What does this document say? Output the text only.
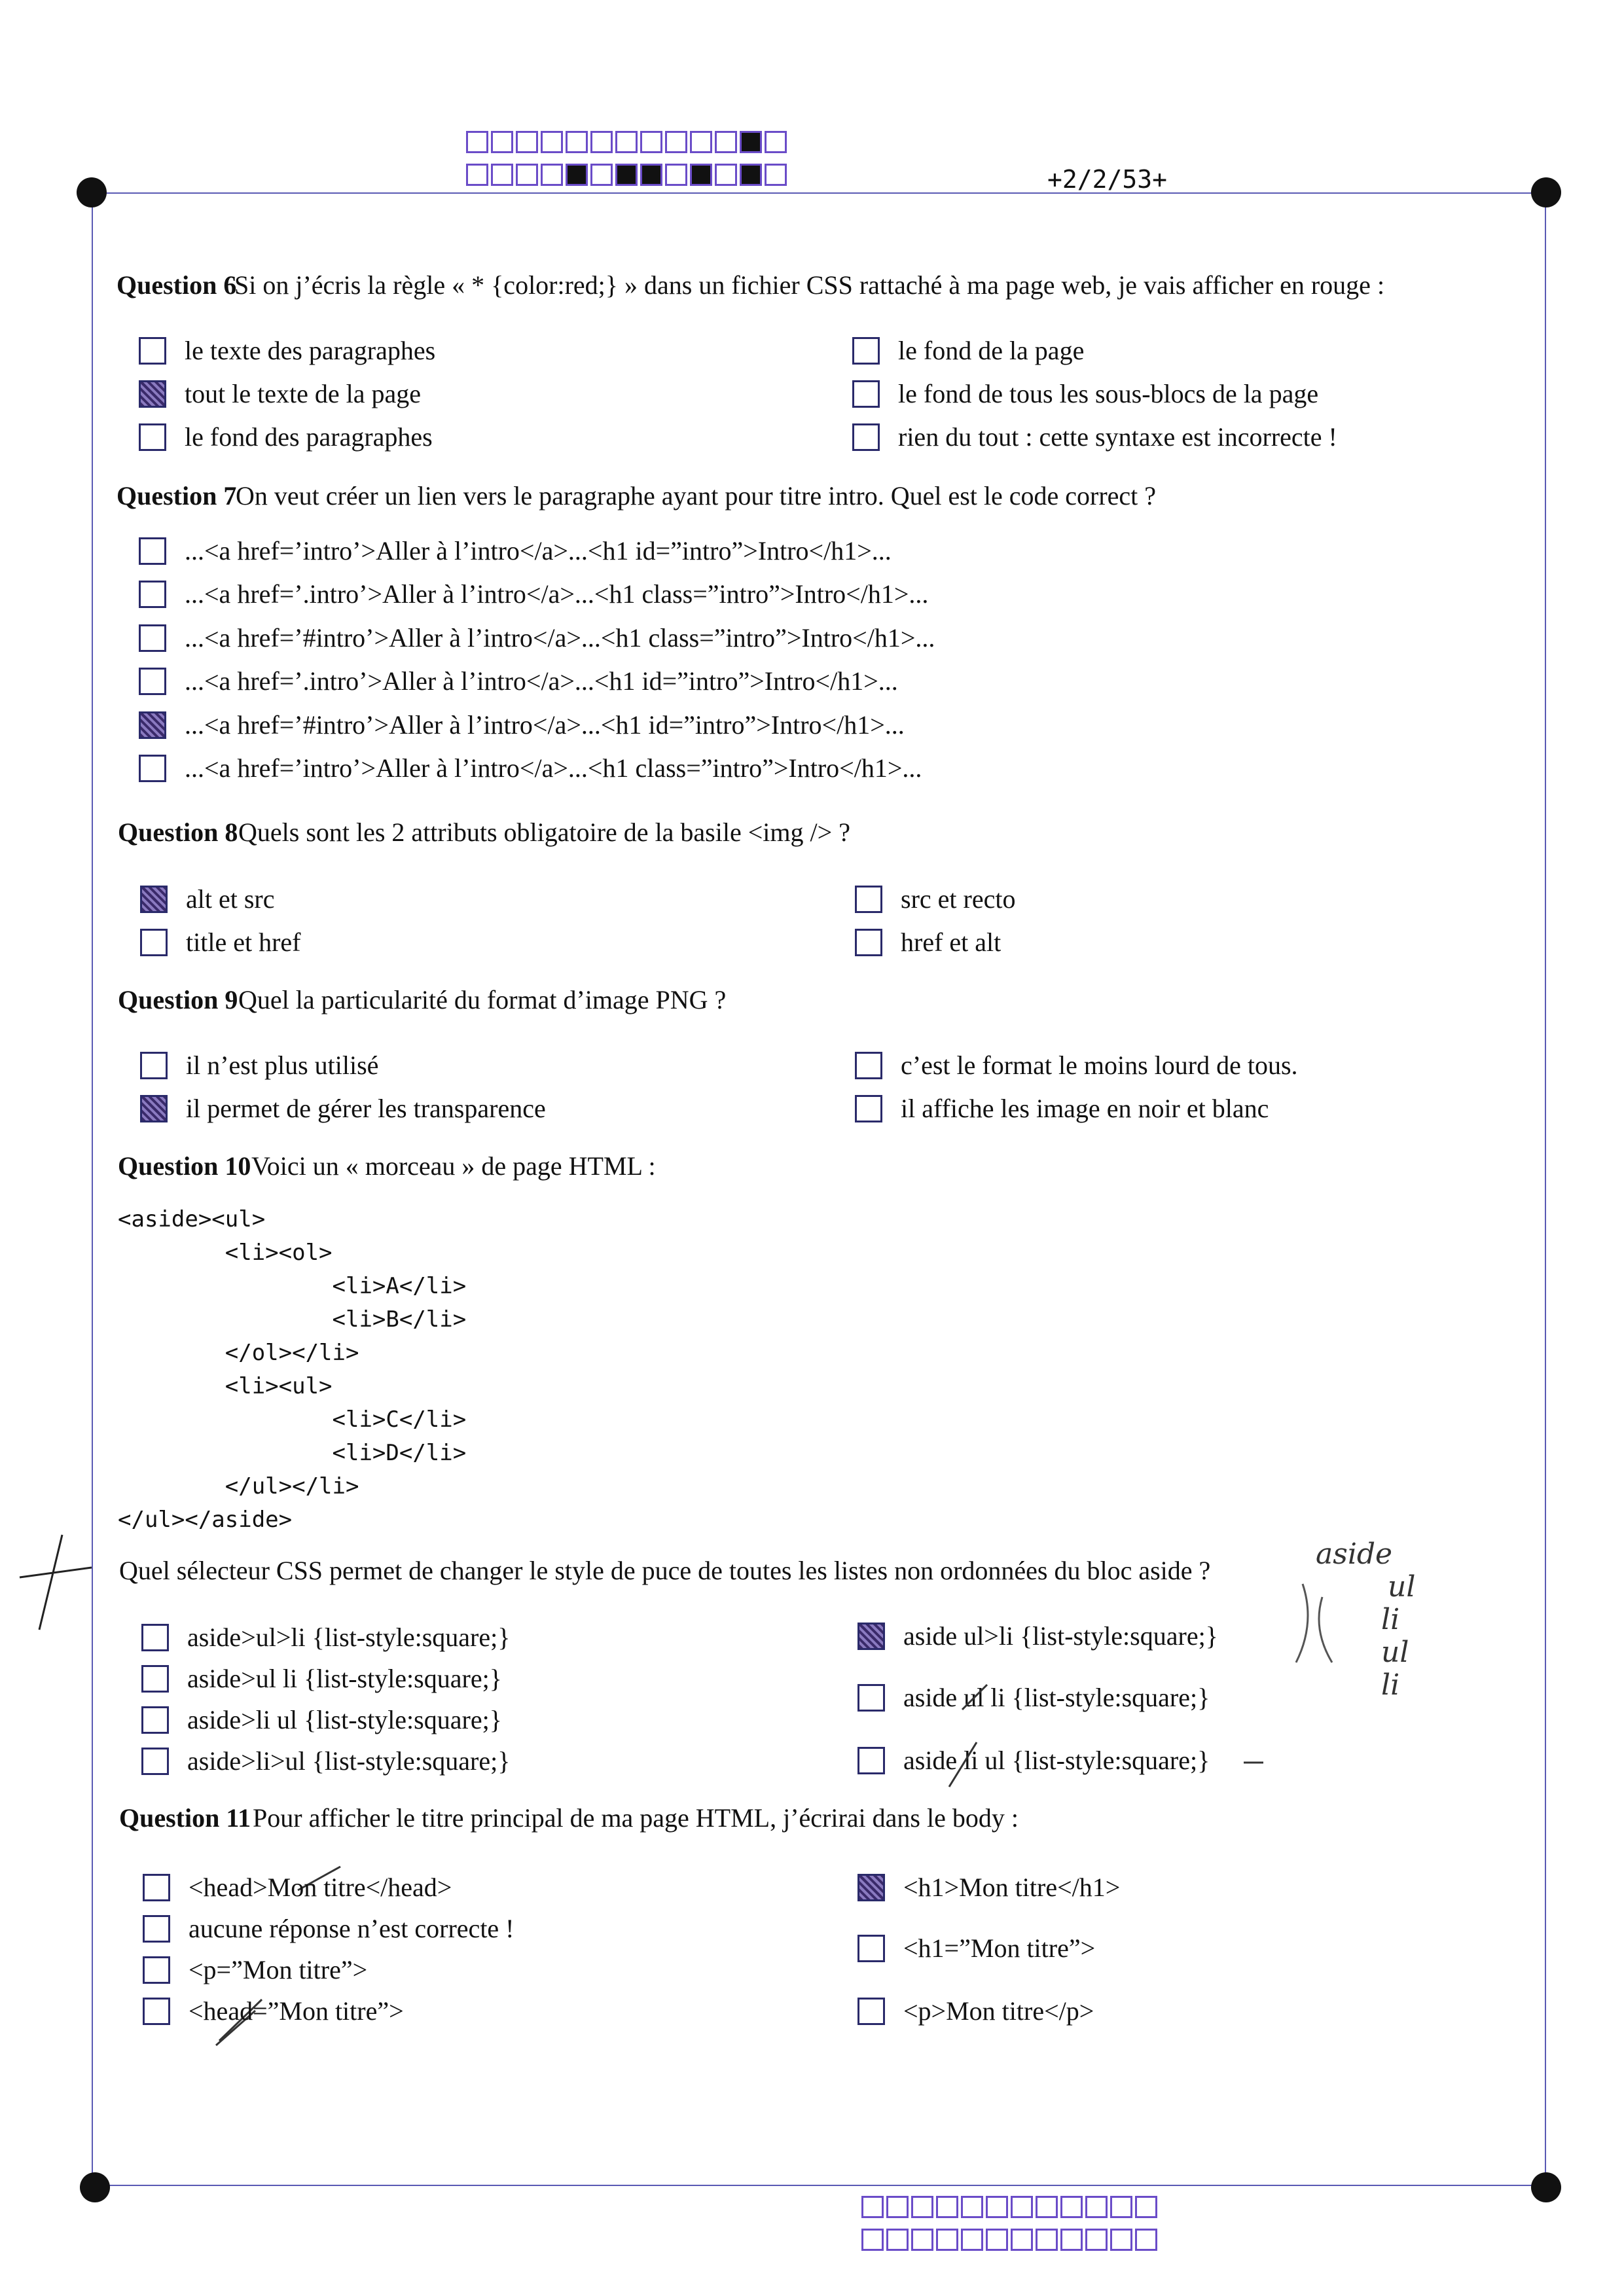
+2/2/53+
Question 6
Si on j’écris la règle « * {color:red;} » dans un fichier CSS rattaché à ma page web, je vais afficher en rouge :
le texte des paragraphes
tout le texte de la page
le fond des paragraphes
le fond de la page
le fond de tous les sous-blocs de la page
rien du tout : cette syntaxe est incorrecte !
Question 7
On veut créer un lien vers le paragraphe ayant pour titre intro. Quel est le code correct ?
...<a href=’intro’>Aller à l’intro</a>...<h1 id=”intro”>Intro</h1>...
...<a href=’.intro’>Aller à l’intro</a>...<h1 class=”intro”>Intro</h1>...
...<a href=’#intro’>Aller à l’intro</a>...<h1 class=”intro”>Intro</h1>...
...<a href=’.intro’>Aller à l’intro</a>...<h1 id=”intro”>Intro</h1>...
...<a href=’#intro’>Aller à l’intro</a>...<h1 id=”intro”>Intro</h1>...
...<a href=’intro’>Aller à l’intro</a>...<h1 class=”intro”>Intro</h1>...
Question 8 Quels sont les 2 attributs obligatoire de la basile <img /> ?
alt et src
title et href
src et recto
href et alt
Question 9 Quel la particularité du format d’image PNG ?
il n’est plus utilisé
il permet de gérer les transparence
c’est le format le moins lourd de tous.
il affiche les image en noir et blanc
Question 10 Voici un « morceau » de page HTML :
<aside><ul>
<li><ol>
<li>A</li>
<li>B</li>
</ol></li>
<li><ul>
<li>C</li>
<li>D</li>
</ul></li>
</ul></aside>
Quel sélecteur CSS permet de changer le style de puce de toutes les listes non ordonnées du bloc aside ?
aside>ul>li {list-style:square;}
aside>ul li {list-style:square;}
aside>li ul {list-style:square;}
aside>li>ul {list-style:square;}
aside ul>li {list-style:square;}
aside ul li {list-style:square;}
aside li ul {list-style:square;}
aside
ul
li
ul
li
Question 11 Pour afficher le titre principal de ma page HTML, j’écrirai dans le body :
<head>Mon titre</head>
aucune réponse n’est correcte !
<p=”Mon titre”>
<head=”Mon titre”>
<h1>Mon titre</h1>
<h1=”Mon titre”>
<p>Mon titre</p>
